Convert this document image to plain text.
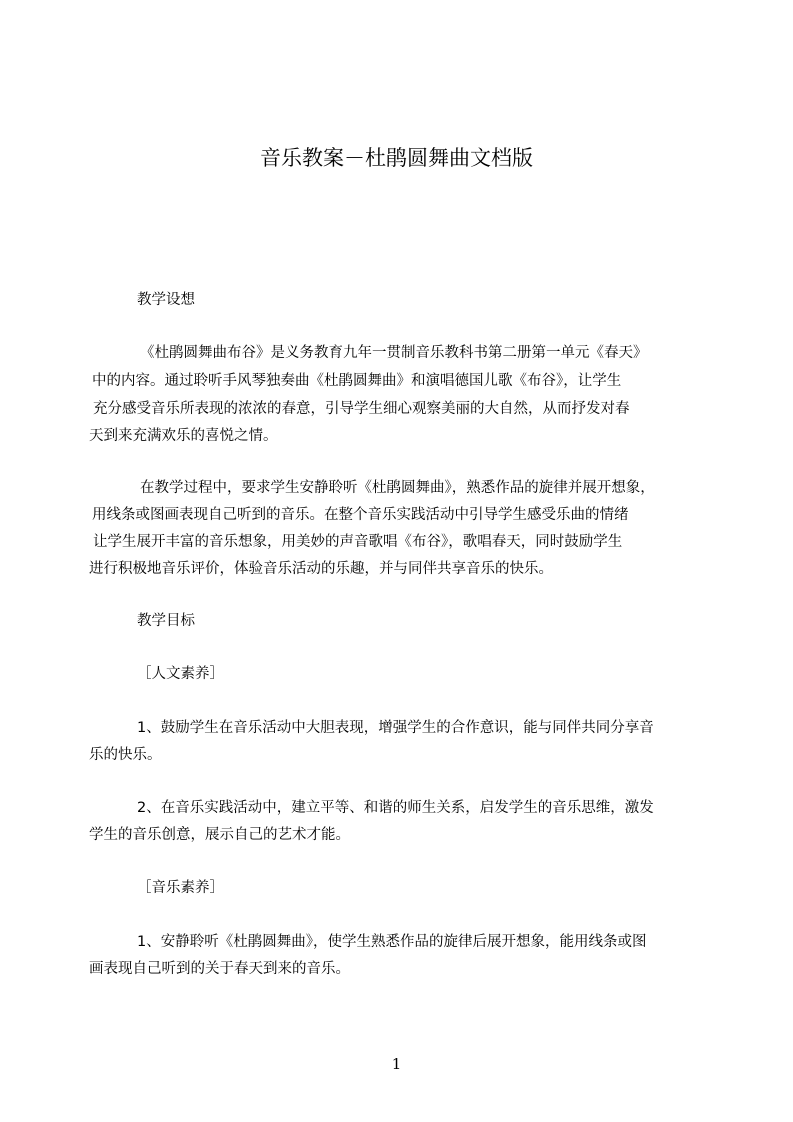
音乐教案－杜鹃圆舞曲文档版
教学设想
《杜鹃圆舞曲布谷》是义务教育九年一贯制音乐教科书第二册第一单元《春天》
中的内容。通过聆听手风琴独奏曲《杜鹃圆舞曲》和演唱德国儿歌《布谷》，让学生
充分感受音乐所表现的浓浓的春意，引导学生细心观察美丽的大自然，从而抒发对春
天到来充满欢乐的喜悦之情。
在教学过程中，要求学生安静聆听《杜鹃圆舞曲》，熟悉作品的旋律并展开想象，
用线条或图画表现自己听到的音乐。在整个音乐实践活动中引导学生感受乐曲的情绪
让学生展开丰富的音乐想象，用美妙的声音歌唱《布谷》，歌唱春天，同时鼓励学生
进行积极地音乐评价，体验音乐活动的乐趣，并与同伴共享音乐的快乐。
教学目标
［人文素养］
1、鼓励学生在音乐活动中大胆表现，增强学生的合作意识，能与同伴共同分享音
乐的快乐。
2、在音乐实践活动中，建立平等、和谐的师生关系，启发学生的音乐思维，激发
学生的音乐创意，展示自己的艺术才能。
［音乐素养］
1、安静聆听《杜鹃圆舞曲》，使学生熟悉作品的旋律后展开想象，能用线条或图
画表现自己听到的关于春天到来的音乐。
1
